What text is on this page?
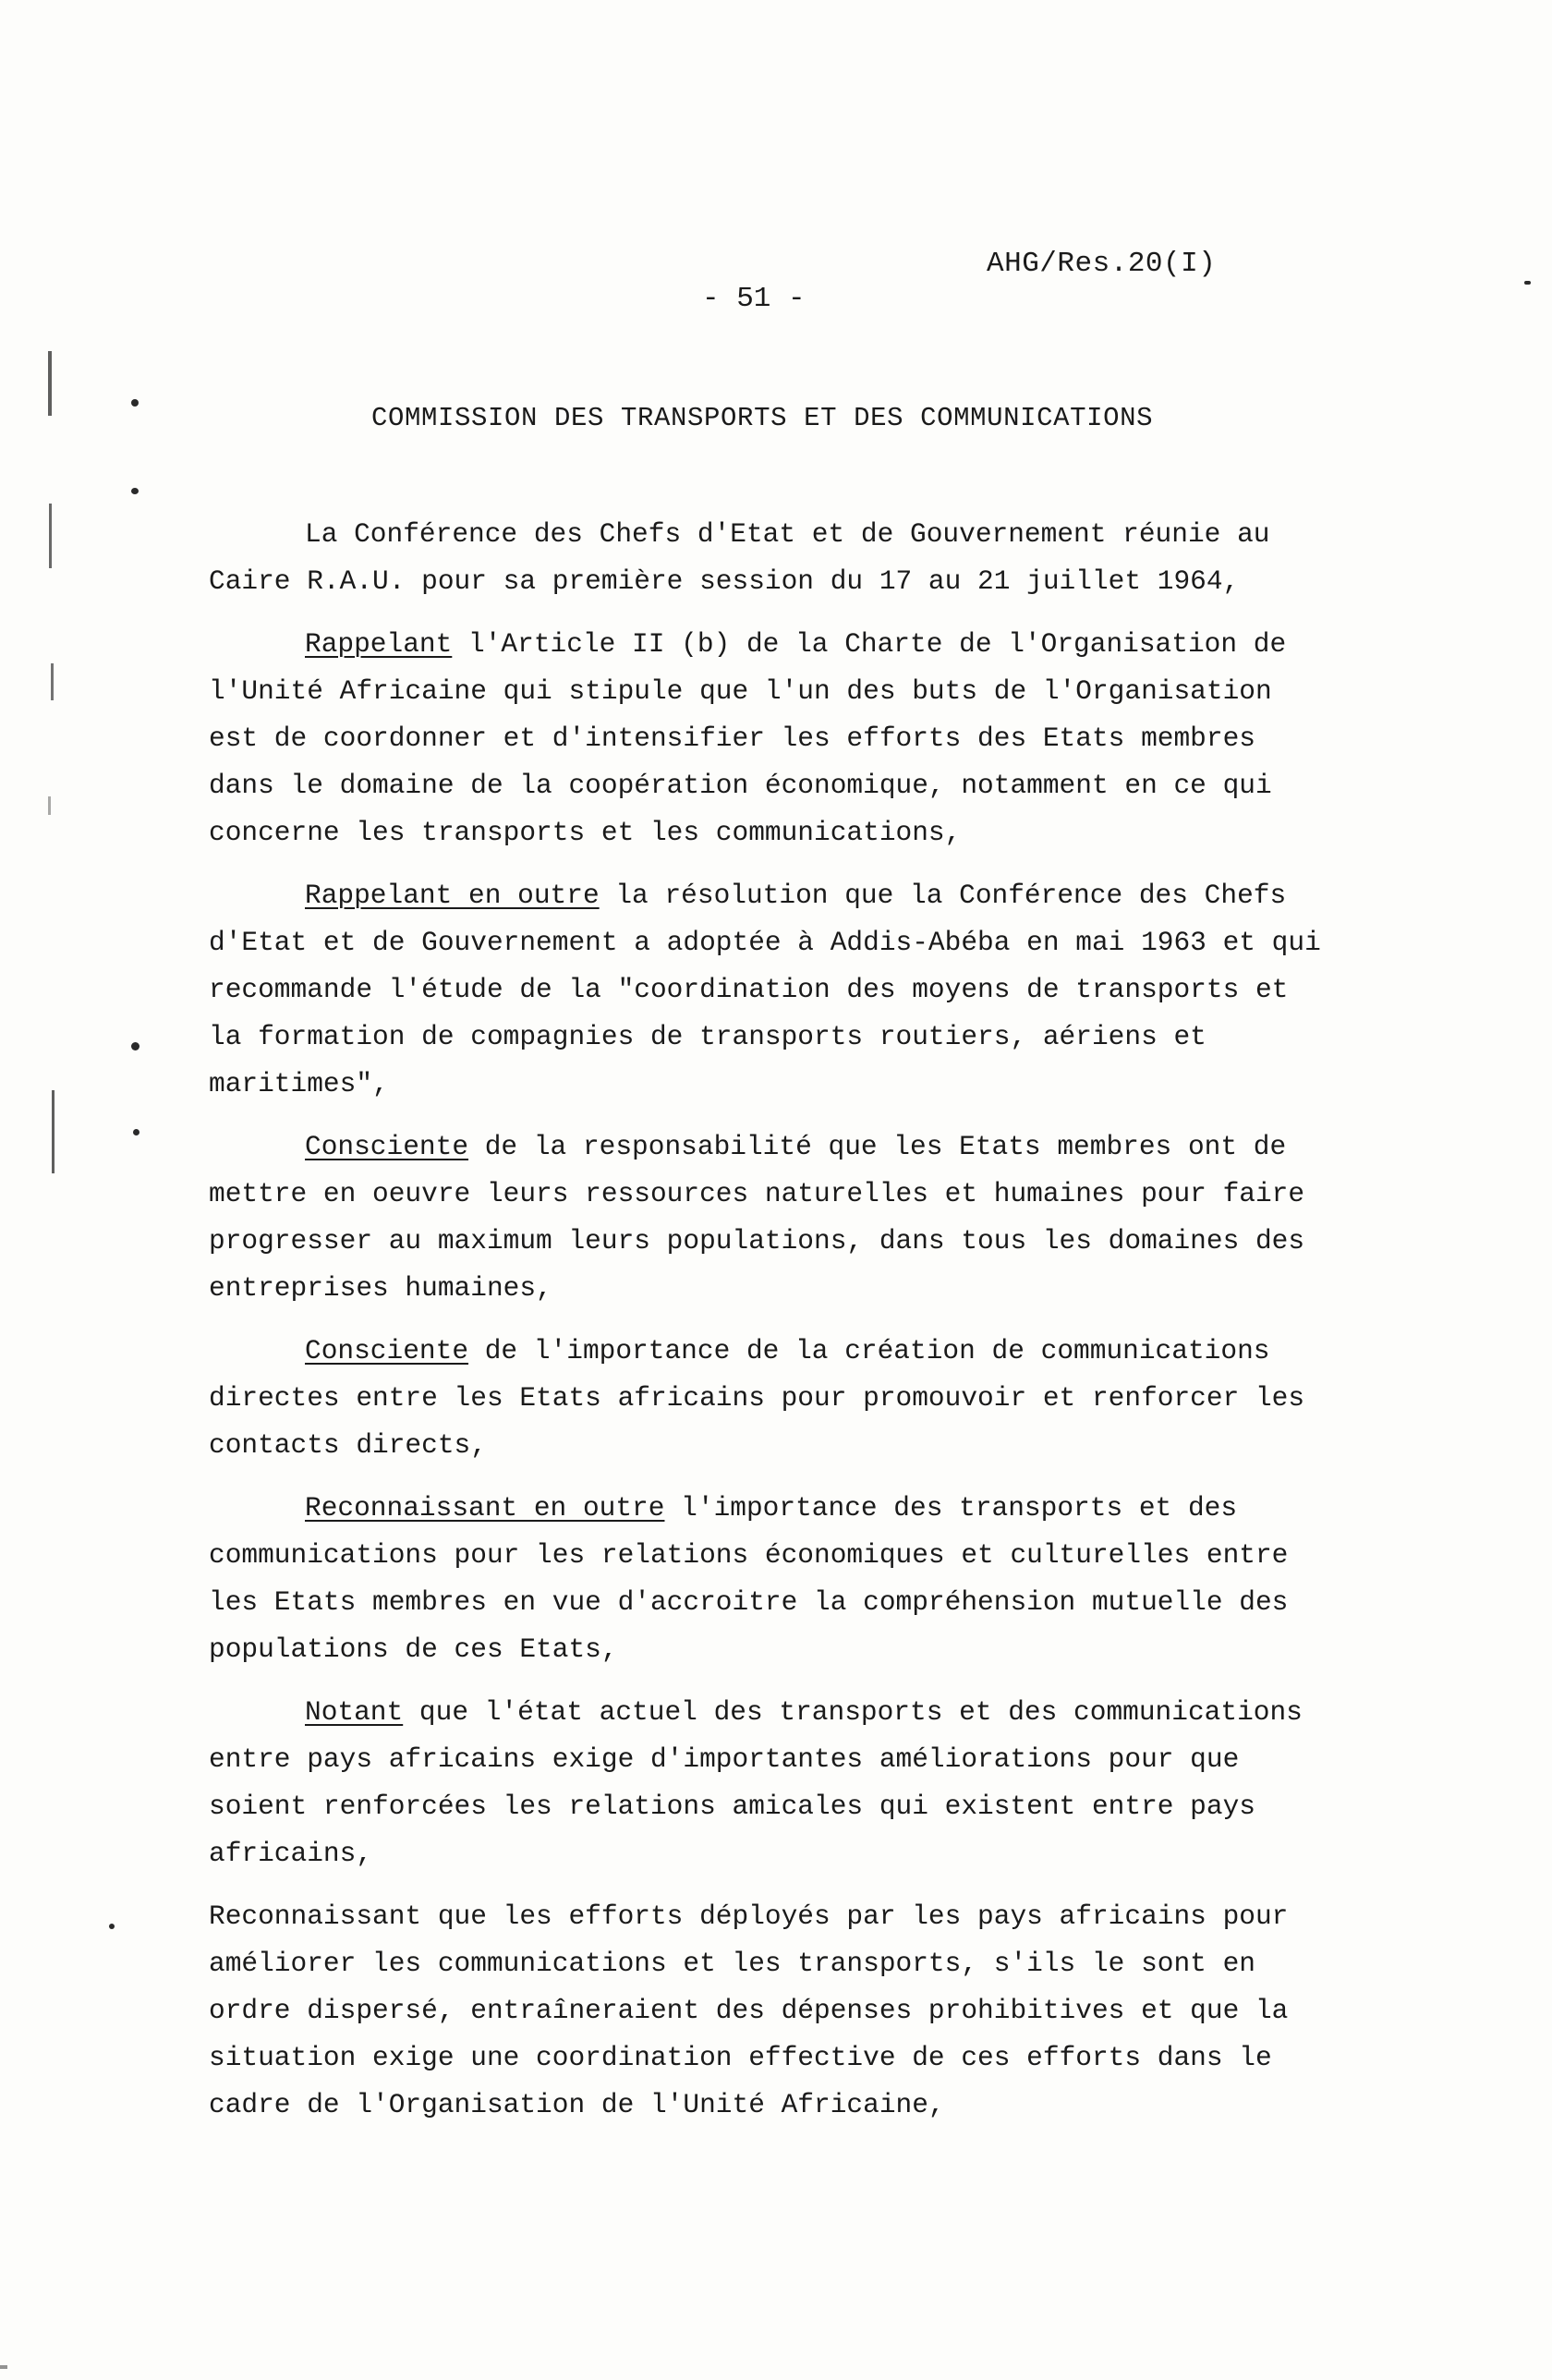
AHG/Res.20(I)
- 51 -
COMMISSION DES TRANSPORTS ET DES COMMUNICATIONS

La Conférence des Chefs d'Etat et de Gouvernement réunie au
Caire R.A.U. pour sa première session du 17 au 21 juillet 1964,

Rappelant l'Article II (b) de la Charte de l'Organisation de
l'Unité Africaine qui stipule que l'un des buts de l'Organisation
est de coordonner et d'intensifier les efforts des Etats membres
dans le domaine de la coopération économique, notamment en ce qui
concerne les transports et les communications,

Rappelant en outre la résolution que la Conférence des Chefs
d'Etat et de Gouvernement a adoptée à Addis-Abéba en mai 1963 et qui
recommande l'étude de la "coordination des moyens de transports et
la formation de compagnies de transports routiers, aériens et
maritimes",

Consciente de la responsabilité que les Etats membres ont de
mettre en oeuvre leurs ressources naturelles et humaines pour faire
progresser au maximum leurs populations, dans tous les domaines des
entreprises humaines,

Consciente de l'importance de la création de communications
directes entre les Etats africains pour promouvoir et renforcer les
contacts directs,

Reconnaissant en outre l'importance des transports et des
communications pour les relations économiques et culturelles entre
les Etats membres en vue d'accroitre la compréhension mutuelle des
populations de ces Etats,

Notant que l'état actuel des transports et des communications
entre pays africains exige d'importantes améliorations pour que
soient renforcées les relations amicales qui existent entre pays
africains,

Reconnaissant que les efforts déployés par les pays africains pour
améliorer les communications et les transports, s'ils le sont en
ordre dispersé, entraîneraient des dépenses prohibitives et que la
situation exige une coordination effective de ces efforts dans le
cadre de l'Organisation de l'Unité Africaine,
